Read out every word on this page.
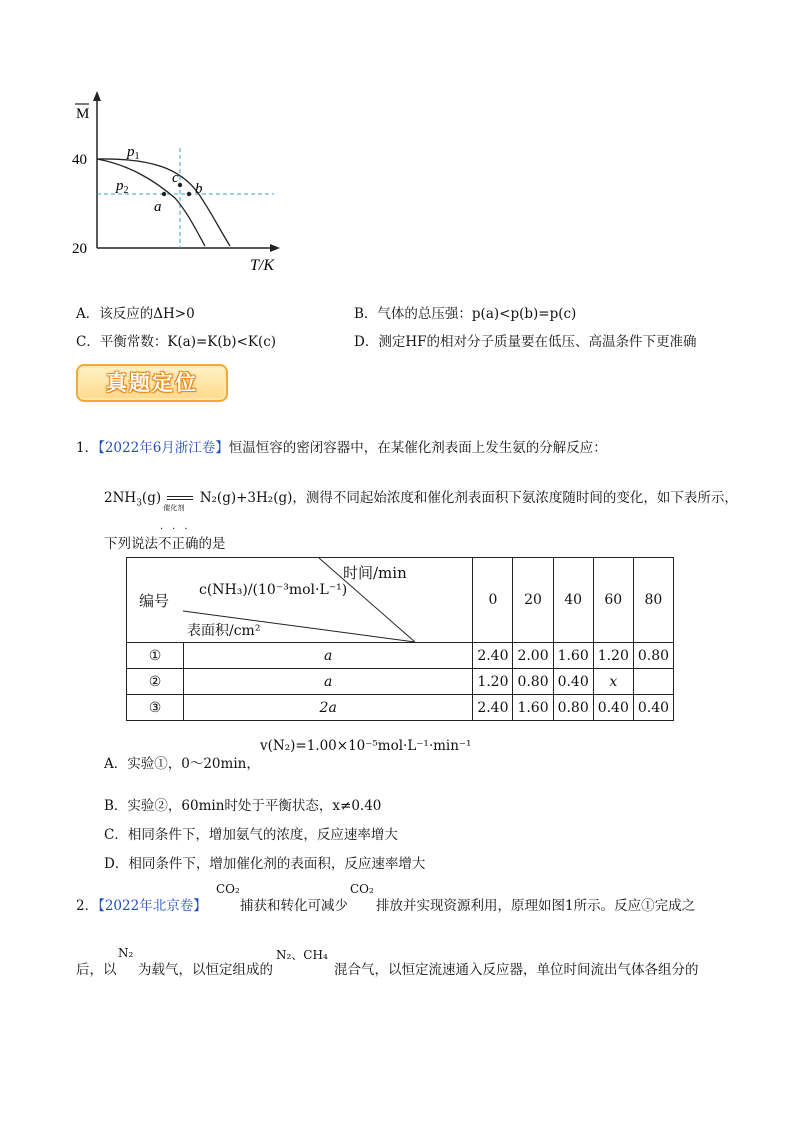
M
40
20
T/K
$p_1$
$p_2$
a
b
c
A．该反应的ΔH>0	B．气体的总压强：p(a)<p(b)=p(c)
C．平衡常数：K(a)=K(b)<K(c)	D．测定HF的相对分子质量要在低压、高温条件下更准确
真题定位
1．【2022年6月浙江卷】恒温恒容的密闭容器中，在某催化剂表面上发生氨的分解反应：
$2NH_3(g)$
催化剂
N₂(g)+3H₂(g)，测得不同起始浓度和催化剂表面积下氨浓度随时间的变化，如下表所示，
下列说法不正确的是
···
编号
c(NH₃)/(10⁻³mol·L⁻¹)
时间/min
表面积/cm²		0	20	40	60	80
①	a	2.40	2.00	1.60	1.20	0.80
②	a	1.20	0.80	0.40	x	
③	2a	2.40	1.60	0.80	0.40	0.40
A．实验①，0～20min，
v(N₂)=1.00×10⁻⁵mol·L⁻¹·min⁻¹
B．实验②，60min时处于平衡状态，x≠0.40
C．相同条件下，增加氨气的浓度，反应速率增大
D．相同条件下，增加催化剂的表面积，反应速率增大
2．【2022年北京卷】
CO₂
捕获和转化可减少
CO₂
排放并实现资源利用，原理如图1所示。反应①完成之
后，以
N₂
为载气，以恒定组成的
N₂、CH₄
混合气，以恒定流速通入反应器，单位时间流出气体各组分的
